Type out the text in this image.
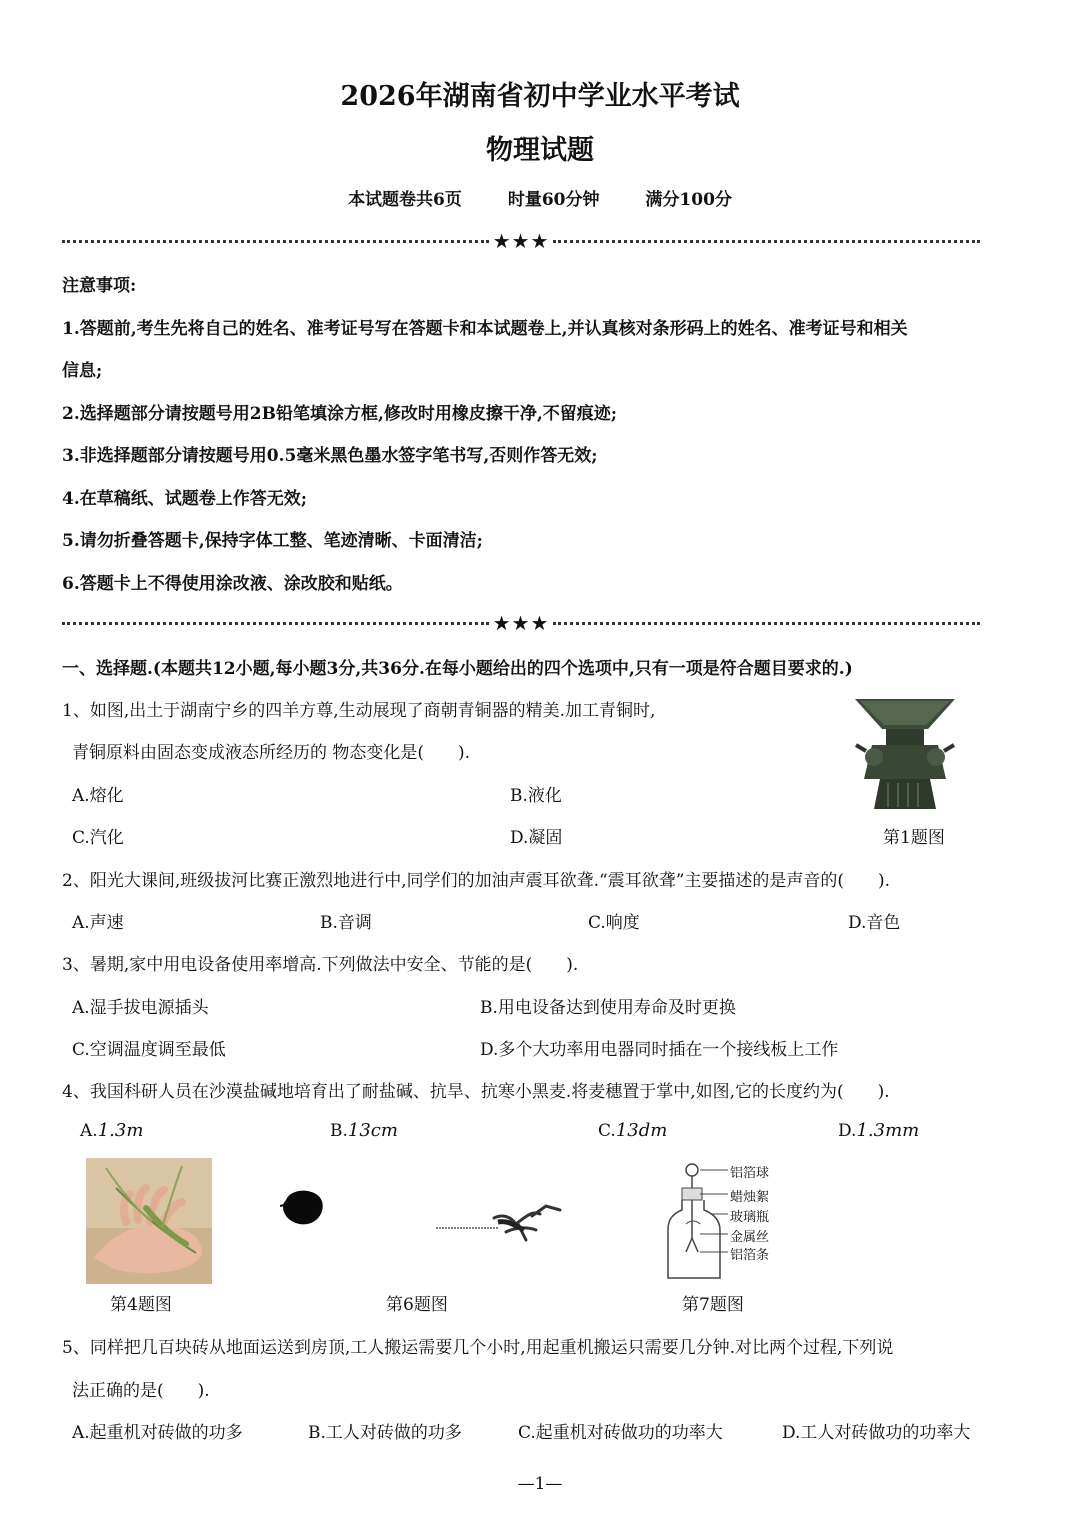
2026年湖南省初中学业水平考试
物理试题
本试题卷共6页	时量60分钟	满分100分
★★★
注意事项:
1.答题前,考生先将自己的姓名、准考证号写在答题卡和本试题卷上,并认真核对条形码上的姓名、准考证号和相关
信息;
2.选择题部分请按题号用2B铅笔填涂方框,修改时用橡皮擦干净,不留痕迹;
3.非选择题部分请按题号用0.5毫米黑色墨水签字笔书写,否则作答无效;
4.在草稿纸、试题卷上作答无效;
5.请勿折叠答题卡,保持字体工整、笔迹清晰、卡面清洁;
6.答题卡上不得使用涂改液、涂改胶和贴纸。
★★★
一、选择题.(本题共12小题,每小题3分,共36分.在每小题给出的四个选项中,只有一项是符合题目要求的.)
1、如图,出土于湖南宁乡的四羊方尊,生动展现了商朝青铜器的精美.加工青铜时,
青铜原料由固态变成液态所经历的 物态变化是(　　).
A.熔化	B.液化
C.汽化	D.凝固	第1题图
2、阳光大课间,班级拔河比赛正激烈地进行中,同学们的加油声震耳欲聋.“震耳欲聋”主要描述的是声音的(　　).
A.声速	B.音调	C.响度	D.音色
3、暑期,家中用电设备使用率增高.下列做法中安全、节能的是(　　).
A.湿手拔电源插头	B.用电设备达到使用寿命及时更换
C.空调温度调至最低	D.多个大功率用电器同时插在一个接线板上工作
4、我国科研人员在沙漠盐碱地培育出了耐盐碱、抗旱、抗寒小黑麦.将麦穗置于掌中,如图,它的长度约为(　　).
A.1.3m	B.13cm	C.13dm	D.1.3mm
第4题图	第6题图
铝箔球
蜡烛絮
玻璃瓶
金属丝
铝箔条
第7题图
5、同样把几百块砖从地面运送到房顶,工人搬运需要几个小时,用起重机搬运只需要几分钟.对比两个过程,下列说
法正确的是(　　).
A.起重机对砖做的功多	B.工人对砖做的功多	C.起重机对砖做功的功率大	D.工人对砖做功的功率大
—1—
